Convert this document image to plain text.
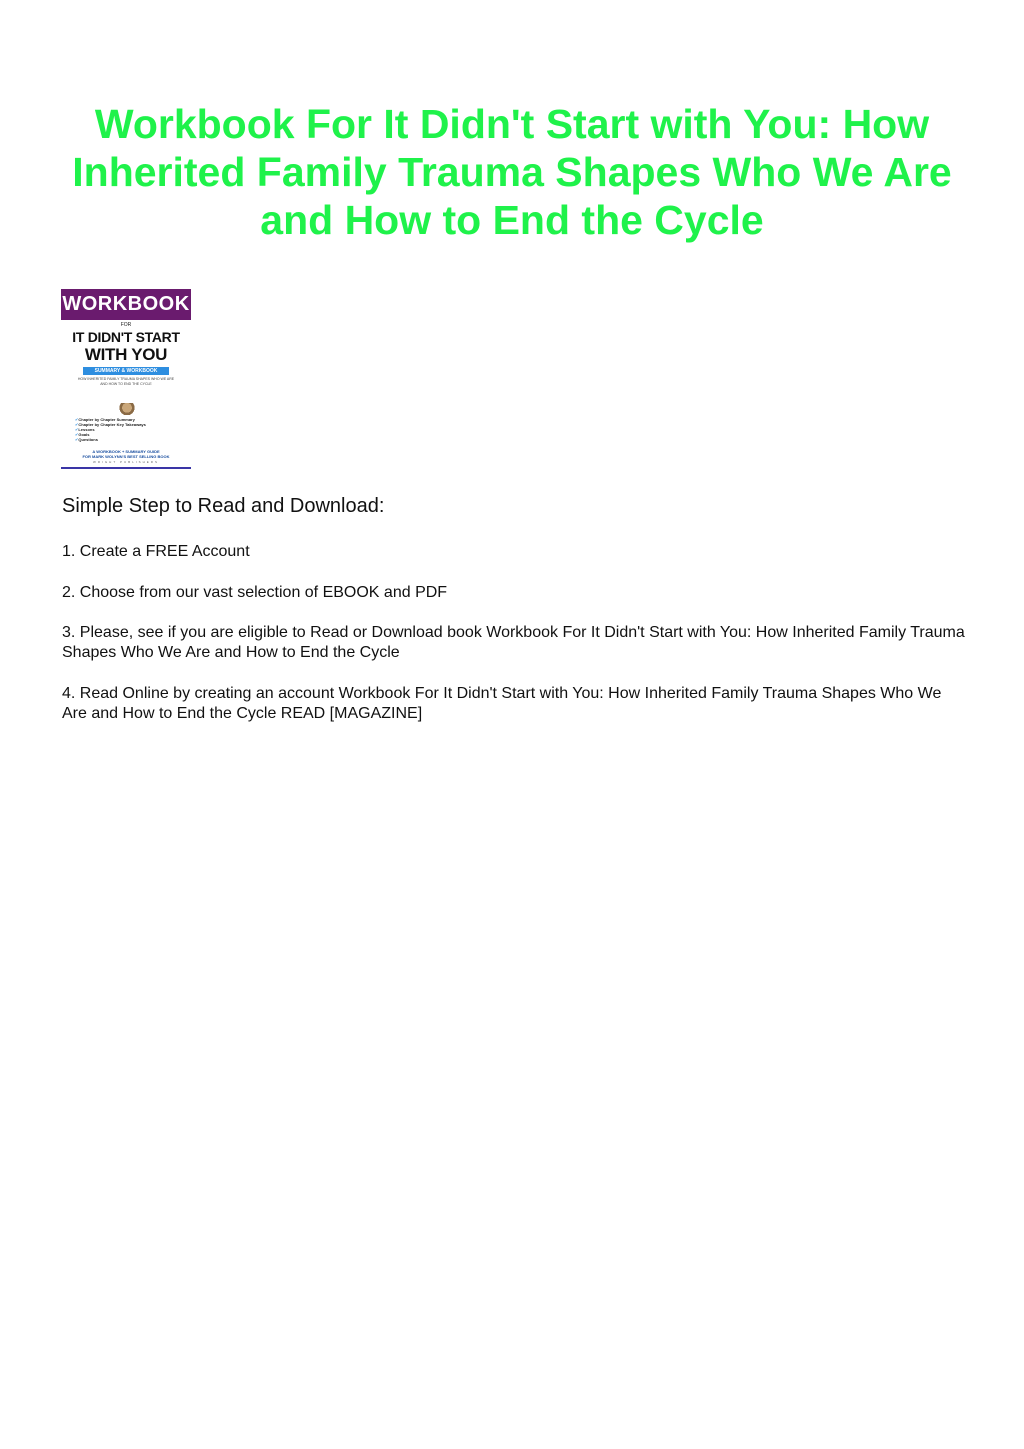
Workbook For It Didn't Start with You: How Inherited Family Trauma Shapes Who We Are and How to End the Cycle
WORKBOOK
FOR
IT DIDN'T START
WITH YOU
SUMMARY & WORKBOOK
HOW INHERITED FAMILY TRAUMA SHAPES WHO WE ARE AND HOW TO END THE CYCLE
✔ Chapter by Chapter Summary
✔ Chapter by Chapter Key Takeaways
✔ Lessons
✔ Goals
✔ Questions
A WORKBOOK + SUMMARY GUIDE
FOR MARK WOLYNN'S BEST SELLING BOOK
WRIGHT PUBLISHERS
Simple Step to Read and Download:
1. Create a FREE Account
2. Choose from our vast selection of EBOOK and PDF
3. Please, see if you are eligible to Read or Download book Workbook For It Didn't Start with You: How Inherited Family Trauma Shapes Who We Are and How to End the Cycle
4. Read Online by creating an account Workbook For It Didn't Start with You: How Inherited Family Trauma Shapes Who We Are and How to End the Cycle READ [MAGAZINE]
